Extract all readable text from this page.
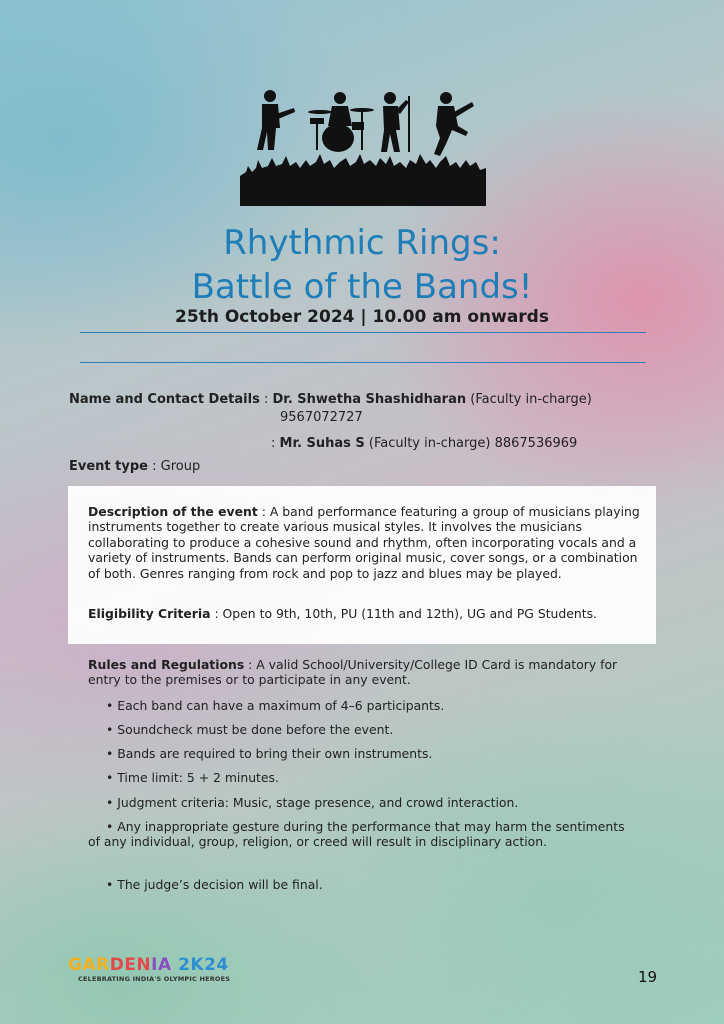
Rhythmic Rings:
Battle of the Bands!
25th October 2024 | 10.00 am onwards
Name and Contact Details : Dr. Shwetha Shashidharan (Faculty in-charge)
9567072727
: Mr. Suhas S (Faculty in-charge) 8867536969
Event type : Group
Description of the event : A band performance featuring a group of musicians playing instruments together to create various musical styles. It involves the musicians collaborating to produce a cohesive sound and rhythm, often incorporating vocals and a variety of instruments. Bands can perform original music, cover songs, or a combination of both. Genres ranging from rock and pop to jazz and blues may be played.
Eligibility Criteria : Open to 9th, 10th, PU (11th and 12th), UG and PG Students.
Rules and Regulations : A valid School/University/College ID Card is mandatory for entry to the premises or to participate in any event.
• Each band can have a maximum of 4–6 participants.
• Soundcheck must be done before the event.
• Bands are required to bring their own instruments.
• Time limit: 5 + 2 minutes.
• Judgment criteria: Music, stage presence, and crowd interaction.
• Any inappropriate gesture during the performance that may harm the sentiments of any individual, group, religion, or creed will result in disciplinary action.
• The judge’s decision will be final.
GARDENIA 2K24
CELEBRATING INDIA'S OLYMPIC HEROES	19
